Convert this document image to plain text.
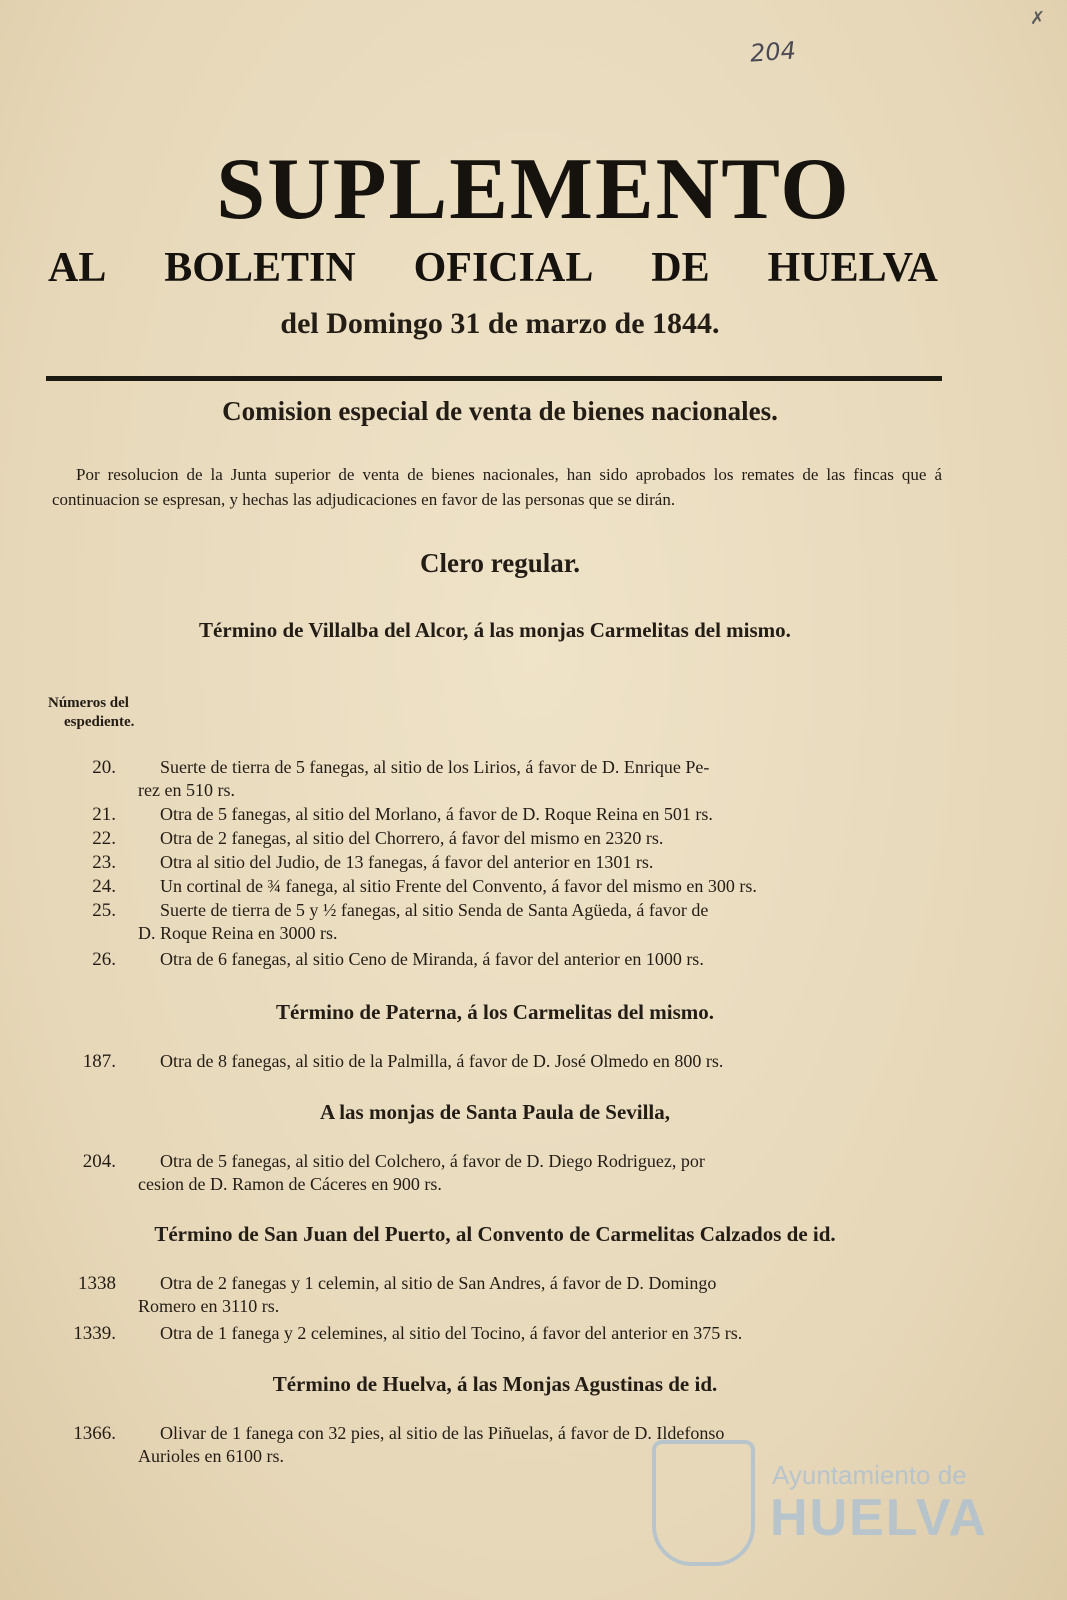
✗
204
SUPLEMENTO
AL BOLETIN OFICIAL DE HUELVA
del Domingo 31 de marzo de 1844.
Comision especial de venta de bienes nacionales.
Por resolucion de la Junta superior de venta de bienes nacionales, han sido aprobados los remates de las fincas que á continuacion se espresan, y hechas las adjudicaciones en favor de las personas que se dirán.
Clero regular.
Término de Villalba del Alcor, á las monjas Carmelitas del mismo.
Números del
espediente.
20. Suerte de tierra de 5 fanegas, al sitio de los Lirios, á favor de D. Enrique Pe-
rez en 510 rs.
21. Otra de 5 fanegas, al sitio del Morlano, á favor de D. Roque Reina en 501 rs.
22. Otra de 2 fanegas, al sitio del Chorrero, á favor del mismo en 2320 rs.
23. Otra al sitio del Judio, de 13 fanegas, á favor del anterior en 1301 rs.
24. Un cortinal de ¾ fanega, al sitio Frente del Convento, á favor del mismo en 300 rs.
25. Suerte de tierra de 5 y ½ fanegas, al sitio Senda de Santa Agüeda, á favor de
D. Roque Reina en 3000 rs.
26. Otra de 6 fanegas, al sitio Ceno de Miranda, á favor del anterior en 1000 rs.
Término de Paterna, á los Carmelitas del mismo.
187. Otra de 8 fanegas, al sitio de la Palmilla, á favor de D. José Olmedo en 800 rs.
A las monjas de Santa Paula de Sevilla,
204. Otra de 5 fanegas, al sitio del Colchero, á favor de D. Diego Rodriguez, por
cesion de D. Ramon de Cáceres en 900 rs.
Término de San Juan del Puerto, al Convento de Carmelitas Calzados de id.
1338 Otra de 2 fanegas y 1 celemin, al sitio de San Andres, á favor de D. Domingo
Romero en 3110 rs.
1339. Otra de 1 fanega y 2 celemines, al sitio del Tocino, á favor del anterior en 375 rs.
Término de Huelva, á las Monjas Agustinas de id.
1366. Olivar de 1 fanega con 32 pies, al sitio de las Piñuelas, á favor de D. Ildefonso
Aurioles en 6100 rs.
Ayuntamiento de
HUELVA
